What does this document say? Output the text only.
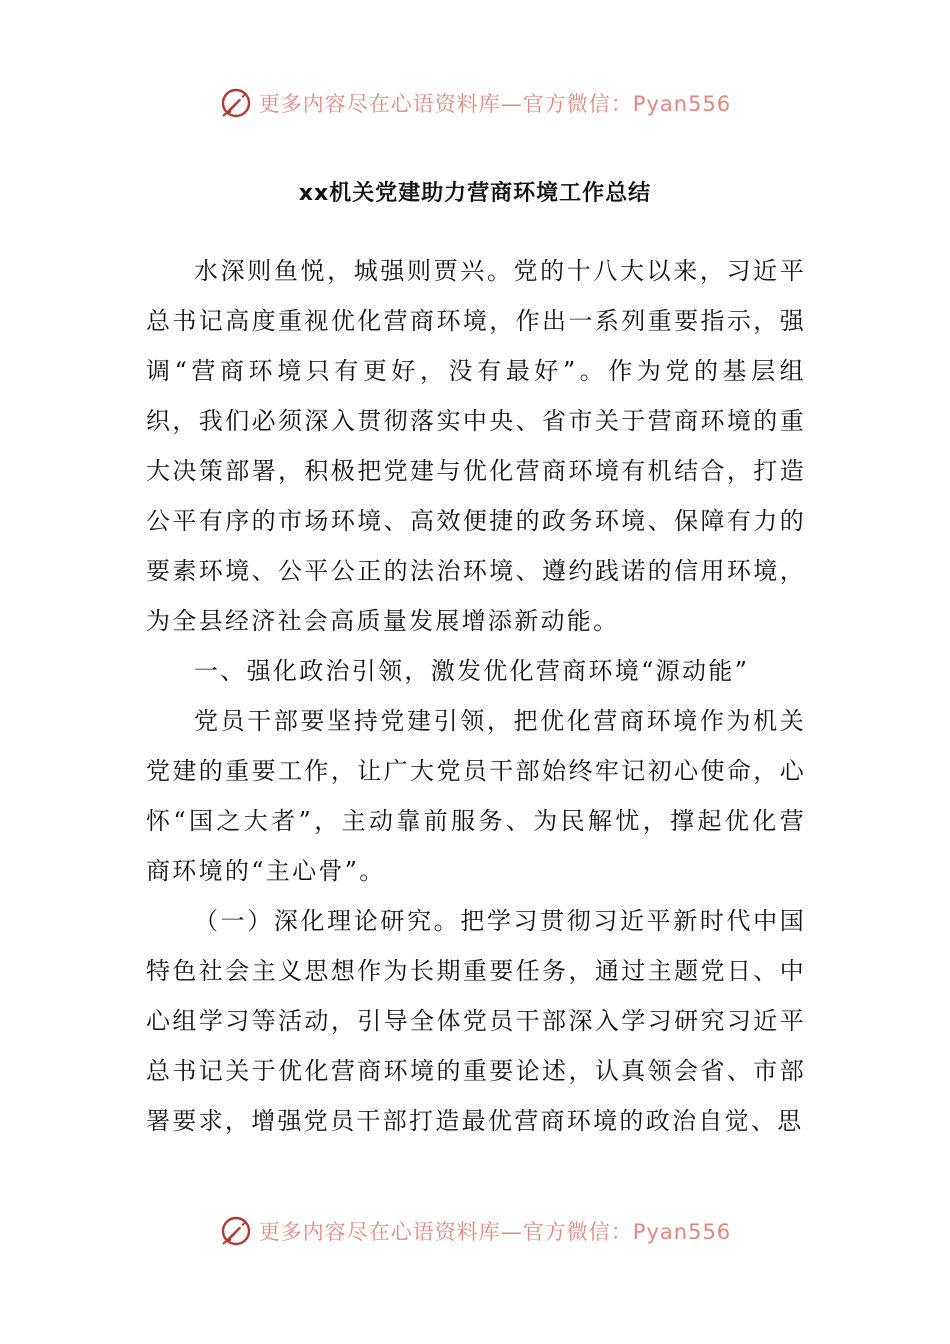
更多内容尽在心语资料库—官方微信：Pyan556
xx机关党建助力营商环境工作总结

水深则鱼悦，城强则贾兴。党的十八大以来，习近平总书记高度重视优化营商环境，作出一系列重要指示，强调“营商环境只有更好，没有最好”。作为党的基层组织，我们必须深入贯彻落实中央、省市关于营商环境的重大决策部署，积极把党建与优化营商环境有机结合，打造公平有序的市场环境、高效便捷的政务环境、保障有力的要素环境、公平公正的法治环境、遵约践诺的信用环境，为全县经济社会高质量发展增添新动能。

一、强化政治引领，激发优化营商环境“源动能”

党员干部要坚持党建引领，把优化营商环境作为机关党建的重要工作，让广大党员干部始终牢记初心使命，心怀“国之大者”，主动靠前服务、为民解忧，撑起优化营商环境的“主心骨”。

（一）深化理论研究。把学习贯彻习近平新时代中国特色社会主义思想作为长期重要任务，通过主题党日、中心组学习等活动，引导全体党员干部深入学习研究习近平总书记关于优化营商环境的重要论述，认真领会省、市部署要求，增强党员干部打造最优营商环境的政治自觉、思

更多内容尽在心语资料库—官方微信：Pyan556
